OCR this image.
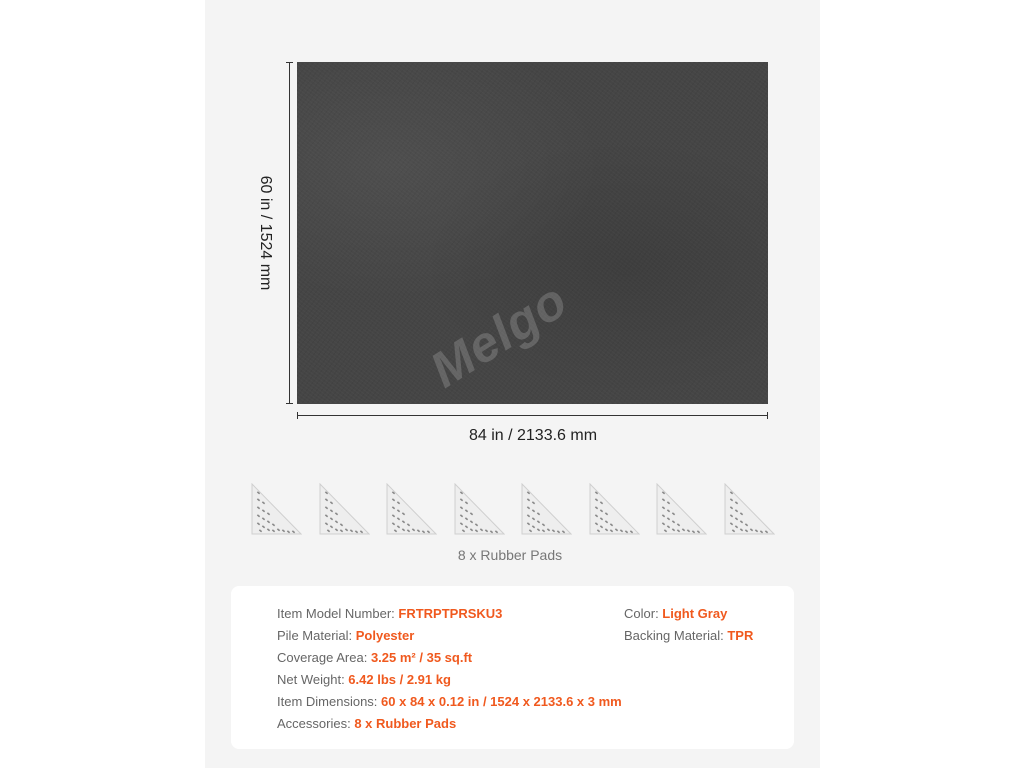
Melgo
60 in / 1524 mm
84 in / 2133.6 mm
8 x Rubber Pads
Item Model Number: FRTRPTPRSKU3
Pile Material: Polyester
Coverage Area: 3.25 m² / 35 sq.ft
Net Weight: 6.42 lbs / 2.91 kg
Item Dimensions: 60 x 84 x 0.12 in / 1524 x 2133.6 x 3 mm
Accessories: 8 x Rubber Pads
Color: Light Gray
Backing Material: TPR
